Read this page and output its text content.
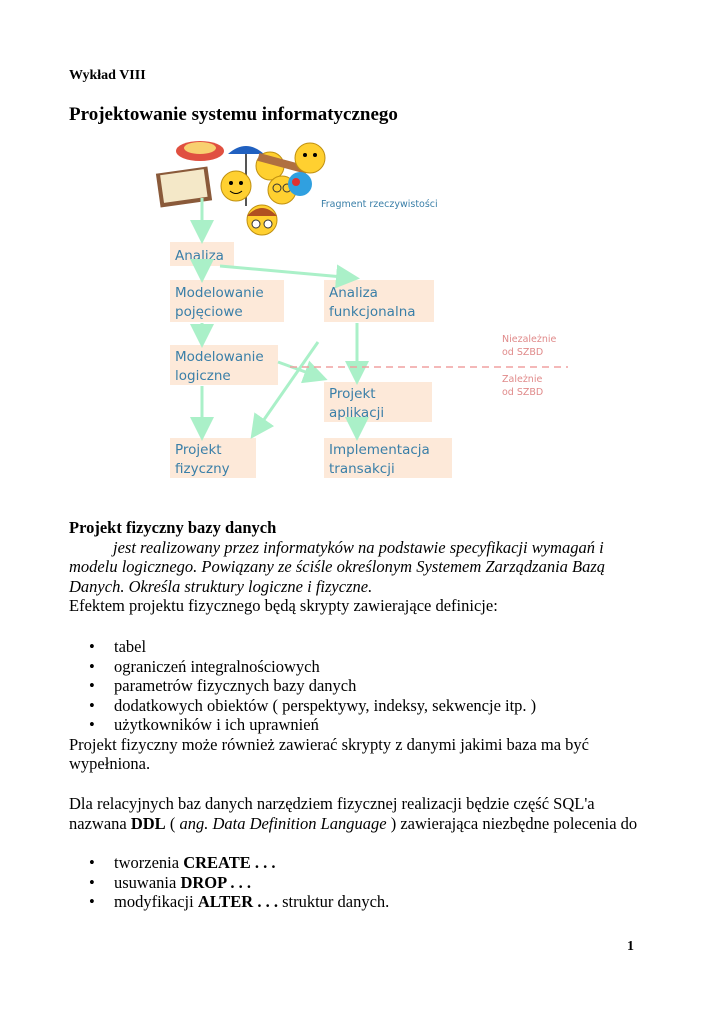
Wykład VIII
Projektowanie systemu informatycznego
Fragment rzeczywistości
Analiza
Modelowanie
pojęciowe
Analiza
funkcjonalna
Modelowanie
logiczne
Projekt
aplikacji
Projekt
fizyczny
Implementacja
transakcji
Niezależnie
od SZBD
Zależnie
od SZBD
Projekt fizyczny bazy danych
jest realizowany przez informatyków na podstawie specyfikacji wymagań i
modelu logicznego. Powiązany ze ściśle określonym Systemem Zarządzania Bazą
Danych. Określa struktury logiczne i fizyczne.
Efektem projektu fizycznego będą skrypty zawierające definicje:
• tabel
• ograniczeń integralnościowych
• parametrów fizycznych bazy danych
• dodatkowych obiektów ( perspektywy, indeksy, sekwencje itp. )
• użytkowników i ich uprawnień
Projekt fizyczny może również zawierać skrypty z danymi jakimi baza ma być
wypełniona.
Dla relacyjnych baz danych narzędziem fizycznej realizacji będzie część SQL'a
nazwana DDL ( ang. Data Definition Language ) zawierająca niezbędne polecenia do
• tworzenia CREATE . . .
• usuwania DROP . . .
• modyfikacji ALTER . . . struktur danych.
1
